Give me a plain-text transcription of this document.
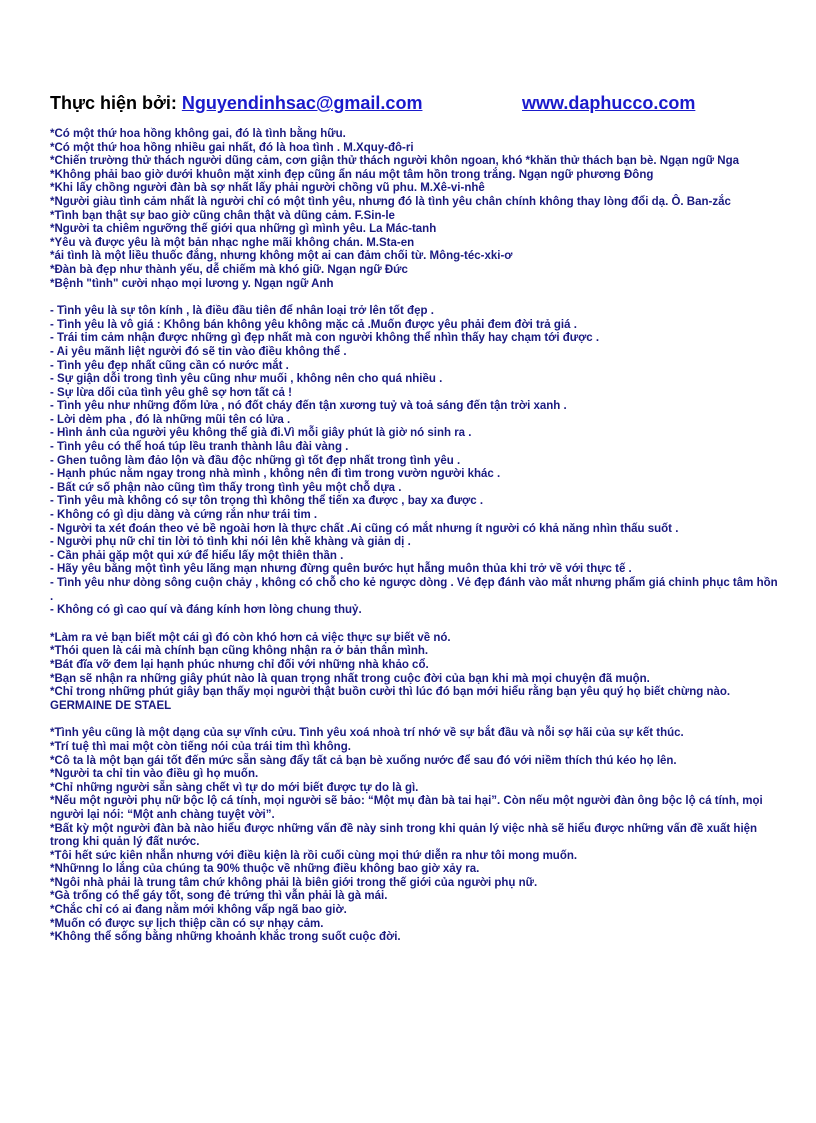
Thực hiện bởi: Nguyendinhsac@gmail.com	www.daphucco.com
*Có một thứ hoa hồng không gai, đó là tình bằng hữu.
*Có một thứ hoa hồng nhiều gai nhất, đó là hoa tình . M.Xquy-đô-ri
*Chiến trường thử thách người dũng cảm, cơn giận thử thách người khôn ngoan, khó *khăn thử thách bạn bè. Ngạn ngữ Nga
*Không phải bao giờ dưới khuôn mặt xinh đẹp cũng ẩn náu một tâm hồn trong trắng. Ngạn ngữ phương Đông
*Khi lấy chồng người đàn bà sợ nhất lấy phải người chồng vũ phu. M.Xê-vi-nhê
*Người giàu tình cảm nhất là người chỉ có một tình yêu, nhưng đó là tình yêu chân chính không thay lòng đổi dạ. Ô. Ban-zắc
*Tình bạn thật sự bao giờ cũng chân thật và dũng cảm. F.Sin-le
*Người ta chiêm ngưỡng thế giới qua những gì mình yêu. La Mác-tanh
*Yêu và được yêu là một bản nhạc nghe mãi không chán. M.Sta-en
*ái tình là một liều thuốc đắng, nhưng không một ai can đảm chối từ. Mông-téc-xki-ơ
*Đàn bà đẹp như thành yếu, dễ chiếm mà khó giữ. Ngạn ngữ Đức
*Bệnh "tình" cười nhạo mọi lương y. Ngạn ngữ Anh
- Tình yêu là sự tôn kính , là điều đầu tiên để nhân loại trở lên tốt đẹp .
- Tình yêu là vô giá : Không bán không yêu không mặc cả .Muốn được yêu phải đem đời trả giá .
- Trái tim cảm nhận được những gì đẹp nhất mà con người không thể nhìn thấy hay chạm tới được .
- Ai yêu mãnh liệt người đó sẽ tin vào điều không thể .
- Tình yêu đẹp nhất cũng cần có nước mắt .
- Sự giận dỗi trong tình yêu cũng như muối , không nên cho quá nhiều .
- Sự lừa dối của tình yêu ghê sợ hơn tất cả !
- Tình yêu như những đốm lửa , nó đốt cháy đến tận xương tuỷ và toả sáng đến tận trời xanh .
- Lời dèm pha , đó là những mũi tên có lửa .
- Hình ảnh của người yêu không thể già đi.Vì mỗi giây phút là giờ nó sinh ra .
- Tình yêu có thể hoá túp lều tranh thành lâu đài vàng .
- Ghen tuông làm đảo lộn và đầu độc những gì tốt đẹp nhất trong tình yêu .
- Hạnh phúc nằm ngay trong nhà mình , không nên đi tìm trong vườn người khác .
- Bất cứ số phận nào cũng tìm thấy trong tình yêu một chỗ dựa .
- Tình yêu mà không có sự tôn trọng thì không thể tiến xa được , bay xa được .
- Không có gì dịu dàng và cứng rắn như trái tim .
- Người ta xét đoán theo vẻ bề ngoài hơn là thực chất .Ai cũng có mắt nhưng ít người có khả năng nhìn thấu suốt .
- Người phụ nữ chỉ tin lời tỏ tình khi nói lên khẽ khàng và giản dị .
- Cần phải gặp một qui xứ để hiểu lấy một thiên thần .
- Hãy yêu bằng một tình yêu lãng mạn nhưng đừng quên bước hụt hẫng muôn thủa khi trở về với thực tế .
- Tình yêu như dòng sông cuộn chảy , không có chỗ cho kẻ ngược dòng . Vẻ đẹp đánh vào mắt nhưng phẩm giá chinh phục tâm hồn .
- Không có gì cao quí và đáng kính hơn lòng chung thuỷ.
*Làm ra vẻ bạn biết một cái gì đó còn khó hơn cả việc thực sự biết về nó.
*Thói quen là cái mà chính bạn cũng không nhận ra ở bản thân mình.
*Bát đĩa vỡ đem lại hạnh phúc nhưng chỉ đối với những nhà khảo cổ.
*Bạn sẽ nhận ra những giây phút nào là quan trọng nhất trong cuộc đời của bạn khi mà mọi chuyện đã muộn.
*Chỉ trong những phút giây bạn thấy mọi người thật buồn cười thì lúc đó bạn mới hiểu rằng bạn yêu quý họ biết chừng nào. GERMAINE DE STAEL
*Tình yêu cũng là một dạng của sự vĩnh cửu. Tình yêu xoá nhoà trí nhớ về sự bắt đầu và nỗi sợ hãi của sự kết thúc.
*Trí tuệ thì mai một còn tiếng nói của trái tim thì không.
*Cô ta là một bạn gái tốt đến mức sẵn sàng đẩy tất cả bạn bè xuống nước để sau đó với niềm thích thú kéo họ lên.
*Người ta chỉ tin vào điều gì họ muốn.
*Chỉ những người sẵn sàng chết vì tự do mới biết được tự do là gì.
*Nếu một người phụ nữ bộc lộ cá tính, mọi người sẽ bảo: “Một mụ đàn bà tai hại”. Còn nếu một người đàn ông bộc lộ cá tính, mọi người lại nói: “Một anh chàng tuyệt vời”.
*Bất kỳ một người đàn bà nào hiểu được những vấn đề này sinh trong khi quản lý việc nhà sẽ hiểu được những vấn đề xuất hiện trong khi quản lý đất nước.
*Tôi hết sức kiên nhẫn nhưng với điều kiện là rồi cuối cùng mọi thứ diễn ra như tôi mong muốn.
*Nhữnng lo lắng của chúng ta 90% thuộc về những điều không bao giờ xảy ra.
*Ngôi nhà phải là trung tâm chứ không phải là biên giới trong thế giới của người phụ nữ.
*Gà trống có thể gáy tốt, song đẻ trứng thì vẫn phải là gà mái.
*Chắc chỉ có ai đang nằm mới không vấp ngã bao giờ.
*Muốn có được sự lịch thiệp cần có sự nhạy cảm.
*Không thể sống bằng những khoảnh khắc trong suốt cuộc đời.
